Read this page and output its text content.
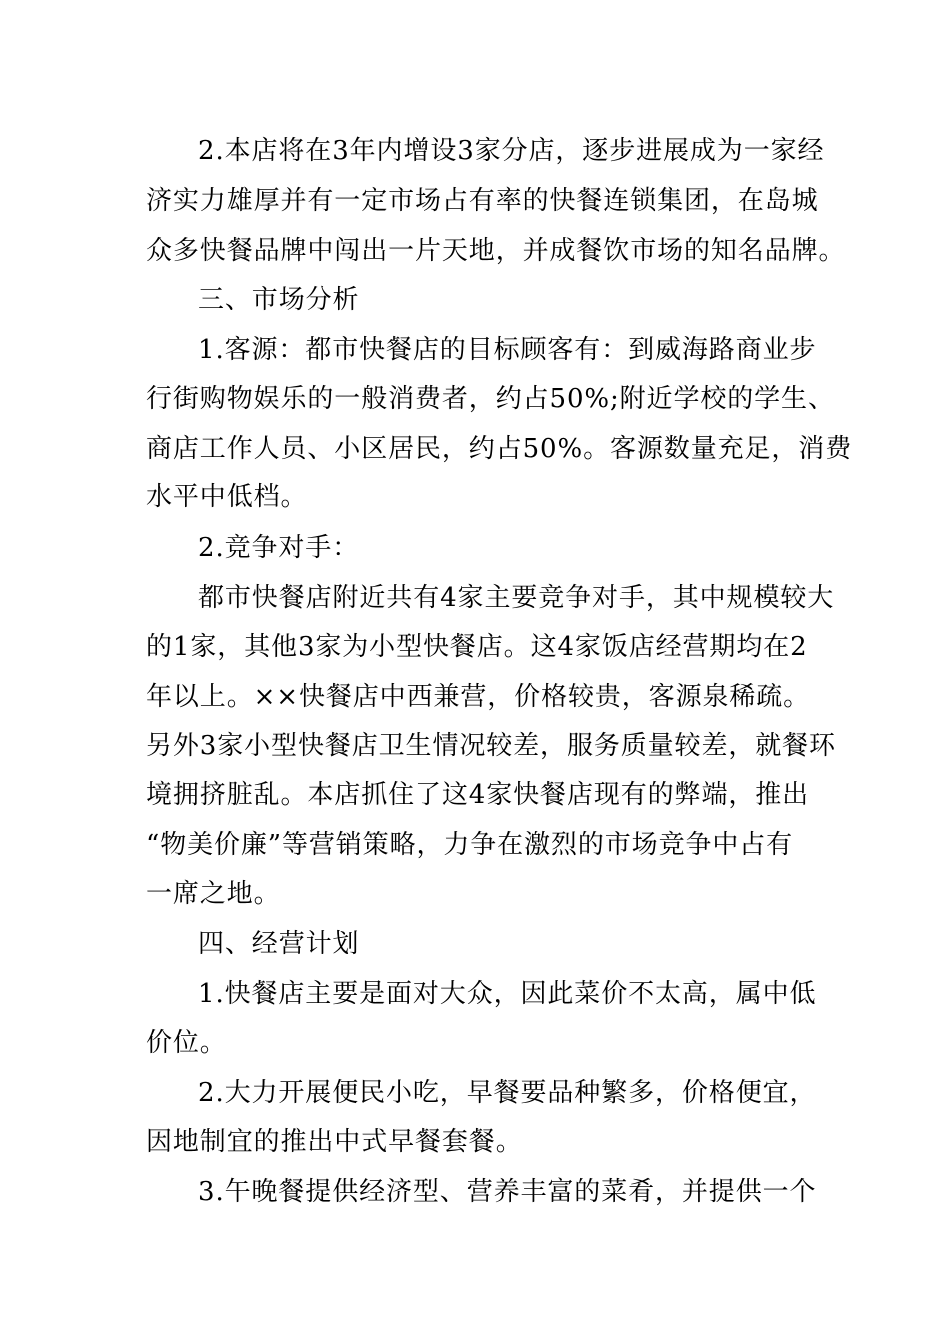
2.本店将在3年内增设3家分店，逐步进展成为一家经
济实力雄厚并有一定市场占有率的快餐连锁集团，在岛城
众多快餐品牌中闯出一片天地，并成餐饮市场的知名品牌。
三、市场分析
1.客源：都市快餐店的目标顾客有：到威海路商业步
行街购物娱乐的一般消费者，约占50%;附近学校的学生、
商店工作人员、小区居民，约占50%。客源数量充足，消费
水平中低档。
2.竞争对手：
都市快餐店附近共有4家主要竞争对手，其中规模较大
的1家，其他3家为小型快餐店。这4家饭店经营期均在2
年以上。××快餐店中西兼营，价格较贵，客源泉稀疏。
另外3家小型快餐店卫生情况较差，服务质量较差，就餐环
境拥挤脏乱。本店抓住了这4家快餐店现有的弊端，推出
“物美价廉”等营销策略，力争在激烈的市场竞争中占有
一席之地。
四、经营计划
1.快餐店主要是面对大众，因此菜价不太高，属中低
价位。
2.大力开展便民小吃，早餐要品种繁多，价格便宜，
因地制宜的推出中式早餐套餐。
3.午晚餐提供经济型、营养丰富的菜肴，并提供一个
